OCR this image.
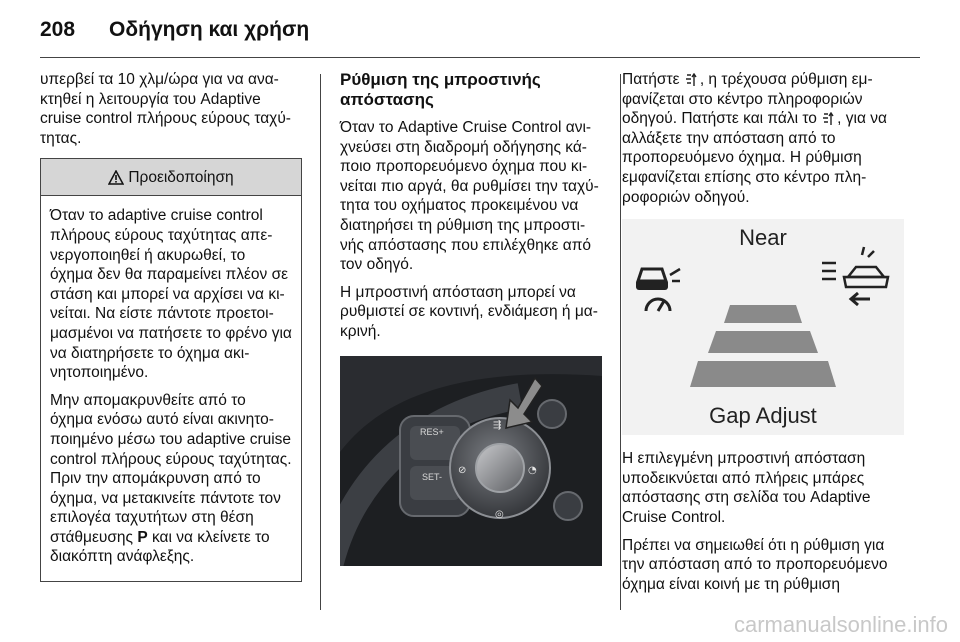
208 Οδήγηση και χρήση

υπερβεί τα 10 χλμ/ώρα για να ανακτηθεί η λειτουργία του Adaptive cruise control πλήρους εύρους ταχύτητας.

Προειδοποίηση

Όταν το adaptive cruise control πλήρους εύρους ταχύτητας απενεργοποιηθεί ή ακυρωθεί, το όχημα δεν θα παραμείνει πλέον σε στάση και μπορεί να αρχίσει να κινείται. Να είστε πάντοτε προετοιμασμένοι να πατήσετε το φρένο για να διατηρήσετε το όχημα ακινητοποιημένο.

Μην απομακρυνθείτε από το όχημα ενόσω αυτό είναι ακινητοποιημένο μέσω του adaptive cruise control πλήρους εύρους ταχύτητας. Πριν την απομάκρυνση από το όχημα, να μετακινείτε πάντοτε τον επιλογέα ταχυτήτων στη θέση στάθμευσης P και να κλείνετε το διακόπτη ανάφλεξης.

Ρύθμιση της μπροστινής απόστασης

Όταν το Adaptive Cruise Control ανιχνεύσει στη διαδρομή οδήγησης κάποιο προπορευόμενο όχημα που κινείται πιο αργά, θα ρυθμίσει την ταχύτητα του οχήματος προκειμένου να διατηρήσει τη ρύθμιση της μπροστινής απόστασης που επιλέχθηκε από τον οδηγό.

Η μπροστινή απόσταση μπορεί να ρυθμιστεί σε κοντινή, ενδιάμεση ή μακρινή.

RES+
SET-
⇶
⊘	◔
◎

Πατήστε , η τρέχουσα ρύθμιση εμφανίζεται στο κέντρο πληροφοριών οδηγού. Πατήστε και πάλι το , για να αλλάξετε την απόσταση από το προπορευόμενο όχημα. Η ρύθμιση εμφανίζεται επίσης στο κέντρο πληροφοριών οδηγού.

Near
Gap Adjust

Η επιλεγμένη μπροστινή απόσταση υποδεικνύεται από πλήρεις μπάρες απόστασης στη σελίδα του Adaptive Cruise Control.

Πρέπει να σημειωθεί ότι η ρύθμιση για την απόσταση από το προπορευόμενο όχημα είναι κοινή με τη ρύθμιση

carmanualsonline.info
